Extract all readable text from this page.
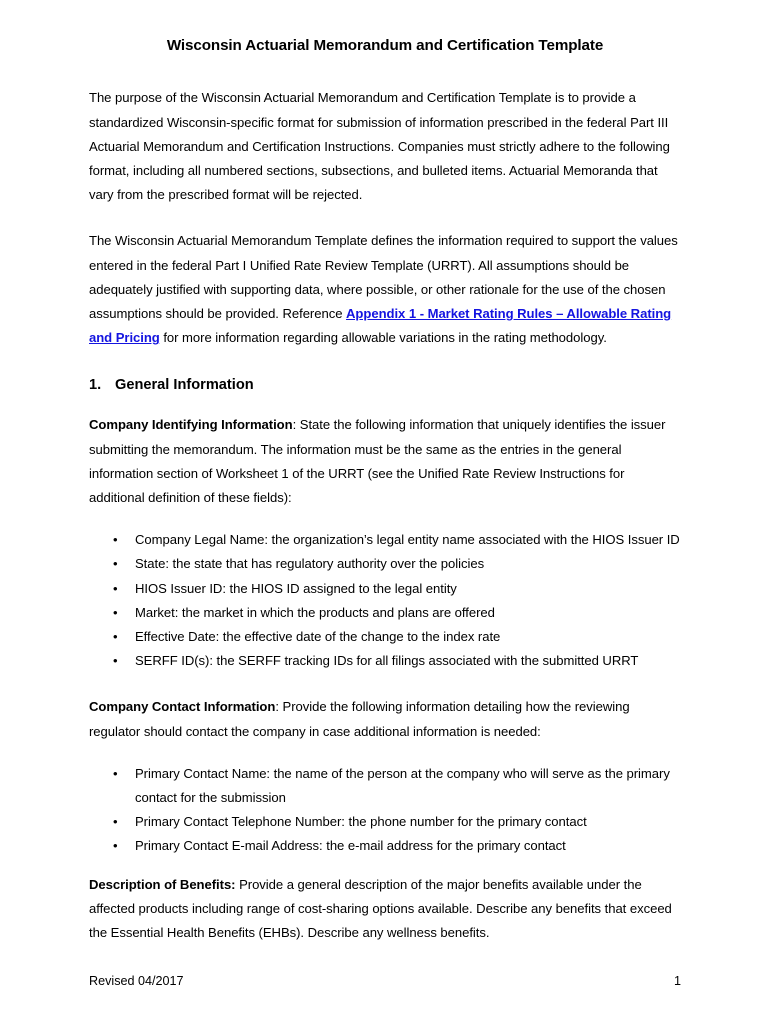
Wisconsin Actuarial Memorandum and Certification Template

The purpose of the Wisconsin Actuarial Memorandum and Certification Template is to provide a standardized Wisconsin-specific format for submission of information prescribed in the federal Part III Actuarial Memorandum and Certification Instructions. Companies must strictly adhere to the following format, including all numbered sections, subsections, and bulleted items. Actuarial Memoranda that vary from the prescribed format will be rejected.

The Wisconsin Actuarial Memorandum Template defines the information required to support the values entered in the federal Part I Unified Rate Review Template (URRT). All assumptions should be adequately justified with supporting data, where possible, or other rationale for the use of the chosen assumptions should be provided. Reference Appendix 1 - Market Rating Rules – Allowable Rating and Pricing for more information regarding allowable variations in the rating methodology.

1. General Information

Company Identifying Information: State the following information that uniquely identifies the issuer submitting the memorandum. The information must be the same as the entries in the general information section of Worksheet 1 of the URRT (see the Unified Rate Review Instructions for additional definition of these fields):

• Company Legal Name: the organization’s legal entity name associated with the HIOS Issuer ID
• State: the state that has regulatory authority over the policies
• HIOS Issuer ID: the HIOS ID assigned to the legal entity
• Market: the market in which the products and plans are offered
• Effective Date: the effective date of the change to the index rate
• SERFF ID(s): the SERFF tracking IDs for all filings associated with the submitted URRT

Company Contact Information: Provide the following information detailing how the reviewing regulator should contact the company in case additional information is needed:

• Primary Contact Name: the name of the person at the company who will serve as the primary contact for the submission
• Primary Contact Telephone Number: the phone number for the primary contact
• Primary Contact E-mail Address: the e-mail address for the primary contact

Description of Benefits: Provide a general description of the major benefits available under the affected products including range of cost-sharing options available. Describe any benefits that exceed the Essential Health Benefits (EHBs). Describe any wellness benefits.

Revised 04/2017	1
